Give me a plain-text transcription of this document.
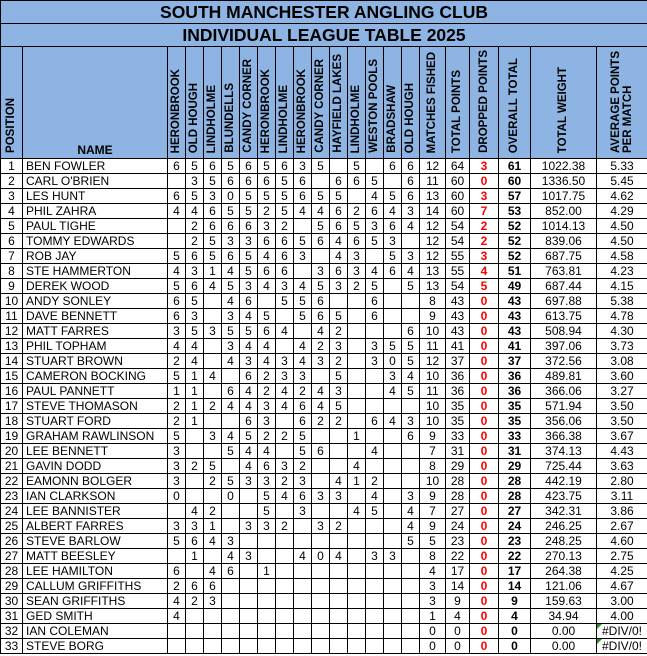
SOUTH MANCHESTER ANGLING CLUB																					
INDIVIDUAL LEAGUE TABLE 2025																					
POSITION	NAME	HERONBROOK	OLD HOUGH	LINDHOLME	BLUNDELLS	CANDY CORNER	HERONBROOK	LINDHOLME	HERONBROOK	CANDY CORNER	HAYFIELD LAKES	LINDHOLME	WESTON POOLS	BRADSHAW	OLD HOUGH	MATCHES FISHED	TOTAL POINTS	DROPPED POINTS	OVERALL TOTAL	TOTAL WEIGHT	AVERAGE POINTS
PER MATCH
1	BEN FOWLER	6	5	6	5	6	5	6	3	5		5		6	6	12	64	3	61	1022.38	5.33
2	CARL O'BRIEN		3	5	6	6	6	5	6		6	6	5		6	11	60	0	60	1336.50	5.45
3	LES HUNT	6	5	3	0	5	5	5	6	5	5		4	5	6	13	60	3	57	1017.75	4.62
4	PHIL ZAHRA	4	4	6	5	5	2	5	4	4	6	2	6	4	3	14	60	7	53	852.00	4.29
5	PAUL TIGHE		2	6	6	6	3	2		5	6	5	3	6	4	12	54	2	52	1014.13	4.50
6	TOMMY EDWARDS		2	5	3	3	6	6	5	6	4	6	5	3		12	54	2	52	839.06	4.50
7	ROB JAY	5	6	5	6	5	4	6	3		4	3		5	3	12	55	3	52	687.75	4.58
8	STE HAMMERTON	4	3	1	4	5	6	6		3	6	3	4	6	4	13	55	4	51	763.81	4.23
9	DEREK WOOD	5	6	4	5	3	4	3	4	5	3	2	5		5	13	54	5	49	687.44	4.15
10	ANDY SONLEY	6	5		4	6		5	5	6			6			8	43	0	43	697.88	5.38
11	DAVE BENNETT	6	3		3	4	5		5	6	5		6			9	43	0	43	613.75	4.78
12	MATT FARRES	3	5	3	5	5	6	4		4	2				6	10	43	0	43	508.94	4.30
13	PHIL TOPHAM	4	4		3	4	4		4	2	3		3	5	5	11	41	0	41	397.06	3.73
14	STUART BROWN	2	4		4	3	4	3	4	3	2		3	0	5	12	37	0	37	372.56	3.08
15	CAMERON BOCKING	5	1	4		6	2	3	3		5			3	4	10	36	0	36	489.81	3.60
16	PAUL PANNETT	1	1		6	4	2	4	2	4	3			4	5	11	36	0	36	366.06	3.27
17	STEVE THOMASON	2	1	2	4	4	3	4	6	4	5					10	35	0	35	571.94	3.50
18	STUART FORD	2	1			6	3		6	2	2		6	4	3	10	35	0	35	356.06	3.50
19	GRAHAM RAWLINSON	5		3	4	5	2	2	5			1			6	9	33	0	33	366.38	3.67
20	LEE BENNETT	3			5	4	4		5	6			4			7	31	0	31	374.13	4.43
21	GAVIN DODD	3	2	5		4	6	3	2			4				8	29	0	29	725.44	3.63
22	EAMONN BOLGER	3		2	5	3	3	2	3		4	1	2			10	28	0	28	442.19	2.80
23	IAN CLARKSON	0			0		5	4	6	3	3		4		3	9	28	0	28	423.75	3.11
24	LEE BANNISTER		4	2			5		3			4	5		4	7	27	0	27	342.31	3.86
25	ALBERT FARRES	3	3	1		3	3	2		3	2				4	9	24	0	24	246.25	2.67
26	STEVE BARLOW	5	6	4	3										5	5	23	0	23	248.25	4.60
27	MATT BEESLEY		1		4	3			4	0	4		3	3		8	22	0	22	270.13	2.75
28	LEE HAMILTON	6		4	6		1									4	17	0	17	264.38	4.25
29	CALLUM GRIFFITHS	2	6	6												3	14	0	14	121.06	4.67
30	SEAN GRIFFITHS	4	2	3												3	9	0	9	159.63	3.00
31	GED SMITH	4														1	4	0	4	34.94	4.00
32	IAN COLEMAN															0	0	0	0	0.00	#DIV/0!
33	STEVE BORG															0	0	0	0	0.00	#DIV/0!
